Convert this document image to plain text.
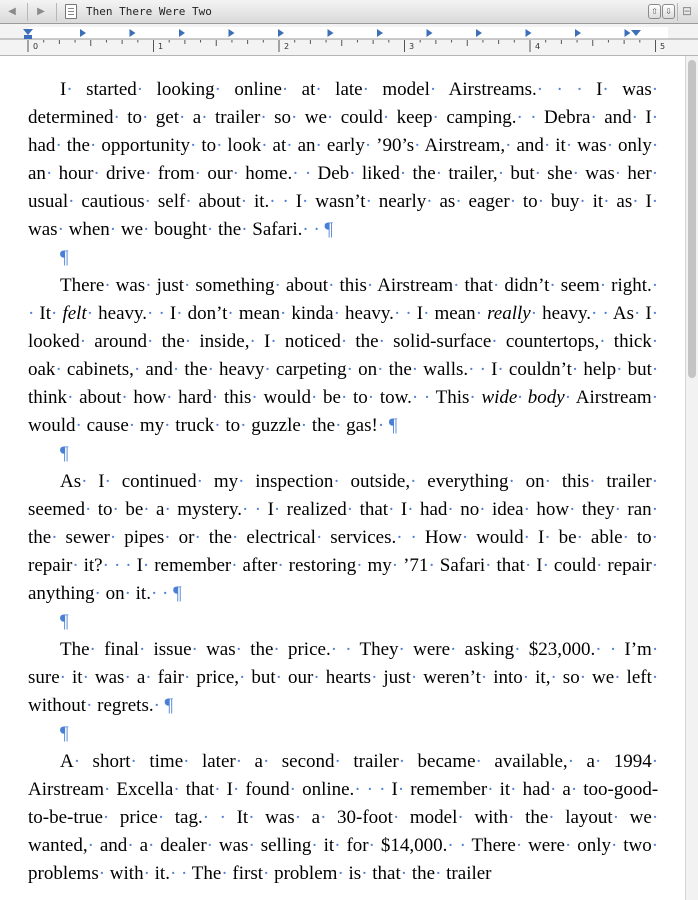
◀	▶	Then There Were Two	⇧ ⇩ ⊟
0	1	2	3	4	5

I· started· looking· online· at· late· model· Airstreams.· · · I· was· determined· to· get· a· trailer· so· we· could· keep· camping.· · Debra· and· I· had· the· opportunity· to· look· at· an· early· ’90’s· Airstream,· and· it· was· only· an· hour· drive· from· our· home.· · Deb· liked· the· trailer,· but· she· was· her· usual· cautious· self· about· it.· · I· wasn’t· nearly· as· eager· to· buy· it· as· I· was· when· we· bought· the· Safari.· · ¶

¶

There· was· just· something· about· this· Airstream· that· didn’t· seem· right.· · It· felt· heavy.· · I· don’t· mean· kinda· heavy.· · I· mean· really· heavy.· · As· I· looked· around· the· inside,· I· noticed· the· solid-surface· countertops,· thick· oak· cabinets,· and· the· heavy· carpeting· on· the· walls.· · I· couldn’t· help· but· think· about· how· hard· this· would· be· to· tow.· · This· wide· body· Airstream· would· cause· my· truck· to· guzzle· the· gas!· ¶

¶

As· I· continued· my· inspection· outside,· everything· on· this· trailer· seemed· to· be· a· mystery.· · I· realized· that· I· had· no· idea· how· they· ran· the· sewer· pipes· or· the· electrical· services.· · How· would· I· be· able· to· repair· it?· · · I· remember· after· restoring· my· ’71· Safari· that· I· could· repair· anything· on· it.· · ¶

¶

The· final· issue· was· the· price.· · They· were· asking· $23,000.· · I’m· sure· it· was· a· fair· price,· but· our· hearts· just· weren’t· into· it,· so· we· left· without· regrets.· ¶

¶

A· short· time· later· a· second· trailer· became· available,· a· 1994· Airstream· Excella· that· I· found· online.· · · I· remember· it· had· a· too-good-to-be-true· price· tag.· · It· was· a· 30-foot· model· with· the· layout· we· wanted,· and· a· dealer· was· selling· it· for· $14,000.· · There· were· only· two· problems· with· it.· · The· first· problem· is· that· the· trailer
